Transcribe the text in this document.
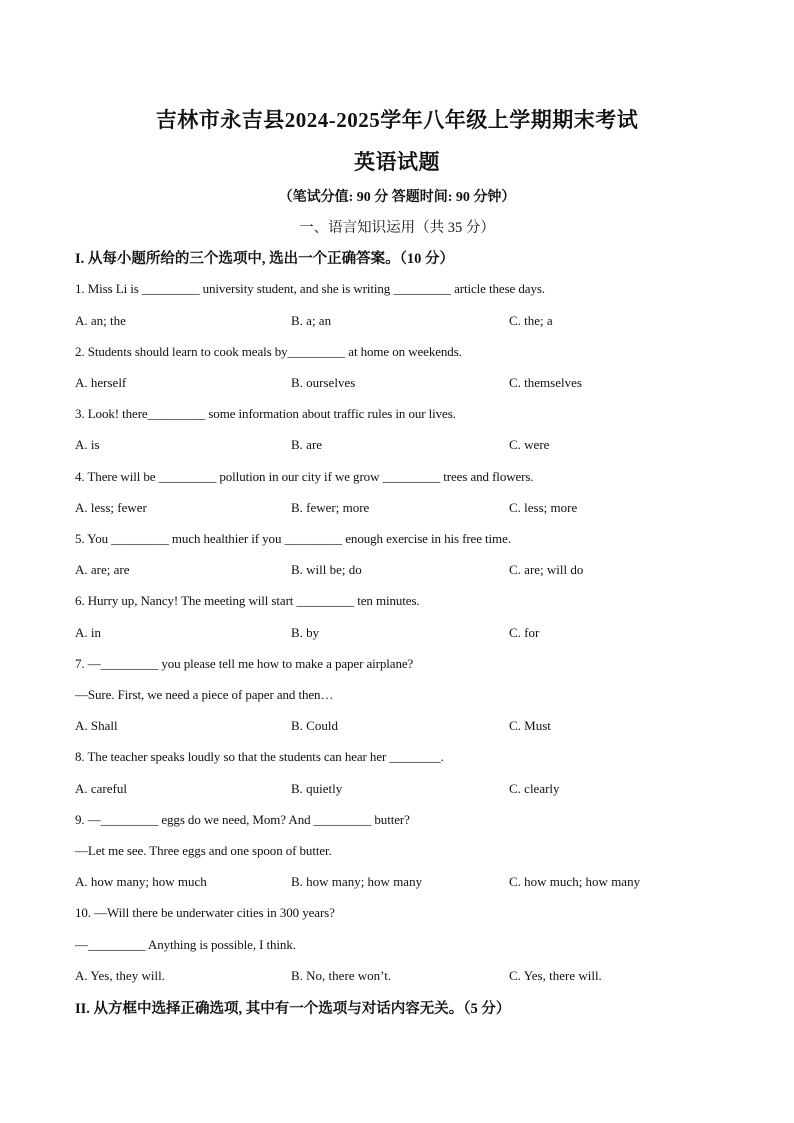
吉林市永吉县2024-2025学年八年级上学期期末考试
英语试题
（笔试分值: 90 分 答题时间: 90 分钟）
一、语言知识运用（共 35 分）
I. 从每小题所给的三个选项中, 选出一个正确答案。（10 分）
1. Miss Li is _________ university student, and she is writing _________ article these days.
A. an; the	B. a; an	C. the; a
2. Students should learn to cook meals by_________ at home on weekends.
A. herself	B. ourselves	C. themselves
3. Look! there_________ some information about traffic rules in our lives.
A. is	B. are	C. were
4. There will be _________ pollution in our city if we grow _________ trees and flowers.
A. less; fewer	B. fewer; more	C. less; more
5. You _________ much healthier if you _________ enough exercise in his free time.
A. are; are	B. will be; do	C. are; will do
6. Hurry up, Nancy! The meeting will start _________ ten minutes.
A. in	B. by	C. for
7. —_________ you please tell me how to make a paper airplane?
—Sure. First, we need a piece of paper and then…
A. Shall	B. Could	C. Must
8. The teacher speaks loudly so that the students can hear her ________.
A. careful	B. quietly	C. clearly
9. —_________ eggs do we need, Mom? And _________ butter?
—Let me see. Three eggs and one spoon of butter.
A. how many; how much	B. how many; how many	C. how much; how many
10. —Will there be underwater cities in 300 years?
—_________ Anything is possible, I think.
A. Yes, they will.	B. No, there won’t.	C. Yes, there will.
II. 从方框中选择正确选项, 其中有一个选项与对话内容无关。（5 分）
